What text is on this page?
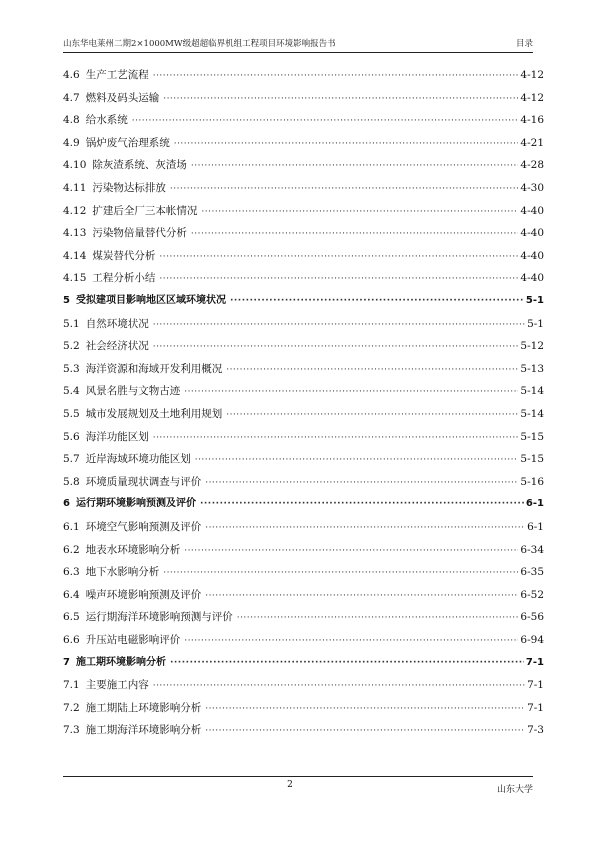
山东华电莱州二期2×1000MW级超超临界机组工程项目环境影响报告书	目录
4.6 生产工艺流程 ·····	4-12
4.7 燃料及码头运输 ·····	4-12
4.8 给水系统 ·····	4-16
4.9 锅炉废气治理系统 ·····	4-21
4.10 除灰渣系统、灰渣场 ·····	4-28
4.11 污染物达标排放 ·····	4-30
4.12 扩建后全厂三本帐情况 ·····	4-40
4.13 污染物倍量替代分析 ·····	4-40
4.14 煤炭替代分析 ·····	4-40
4.15 工程分析小结 ·····	4-40
5 受拟建项目影响地区区域环境状况 ·····	5-1
5.1 自然环境状况 ·····	5-1
5.2 社会经济状况 ·····	5-12
5.3 海洋资源和海域开发利用概况 ·····	5-13
5.4 风景名胜与文物古迹 ·····	5-14
5.5 城市发展规划及土地利用规划 ·····	5-14
5.6 海洋功能区划 ·····	5-15
5.7 近岸海域环境功能区划 ·····	5-15
5.8 环境质量现状调查与评价 ·····	5-16
6 运行期环境影响预测及评价 ·····	6-1
6.1 环境空气影响预测及评价 ·····	6-1
6.2 地表水环境影响分析 ·····	6-34
6.3 地下水影响分析 ·····	6-35
6.4 噪声环境影响预测及评价 ·····	6-52
6.5 运行期海洋环境影响预测与评价 ·····	6-56
6.6 升压站电磁影响评价 ·····	6-94
7 施工期环境影响分析 ·····	7-1
7.1 主要施工内容 ·····	7-1
7.2 施工期陆上环境影响分析 ·····	7-1
7.3 施工期海洋环境影响分析 ·····	7-3
2	山东大学
